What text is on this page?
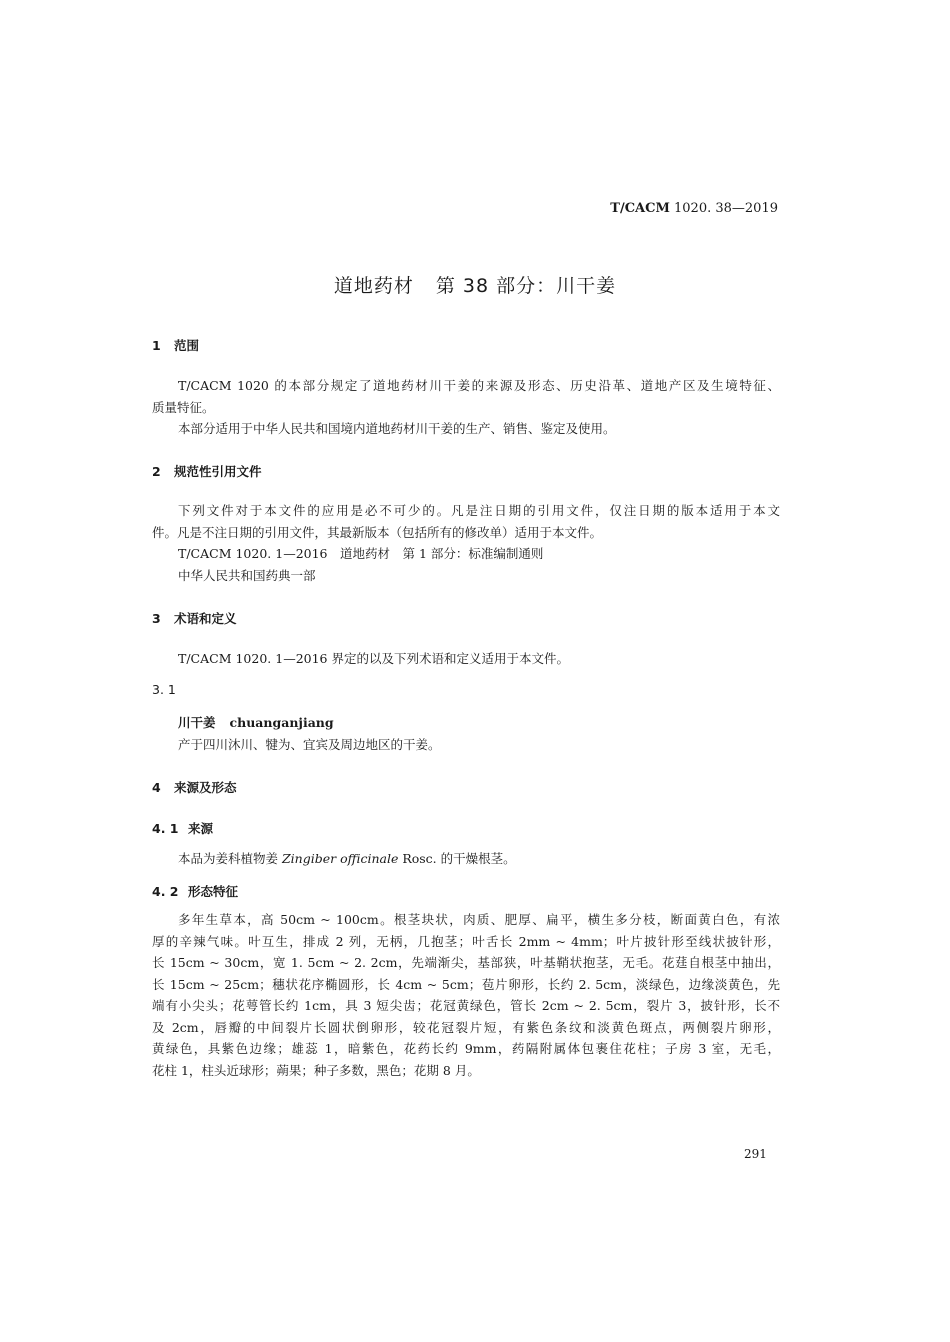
T/CACM 1020. 38—2019
道地药材 第 38 部分：川干姜
1 范围
T/CACM 1020 的本部分规定了道地药材川干姜的来源及形态、历史沿革、道地产区及生境特征、
质量特征。
本部分适用于中华人民共和国境内道地药材川干姜的生产、销售、鉴定及使用。
2 规范性引用文件
下列文件对于本文件的应用是必不可少的。凡是注日期的引用文件，仅注日期的版本适用于本文
件。凡是不注日期的引用文件，其最新版本（包括所有的修改单）适用于本文件。
T/CACM 1020. 1—2016　道地药材　第 1 部分：标准编制通则
中华人民共和国药典一部
3 术语和定义
T/CACM 1020. 1—2016 界定的以及下列术语和定义适用于本文件。
3. 1
川干姜 chuanganjiang
产于四川沐川、犍为、宜宾及周边地区的干姜。
4 来源及形态
4. 1 来源
本品为姜科植物姜 Zingiber officinale Rosc. 的干燥根茎。
4. 2 形态特征
多年生草本，高 50cm ~ 100cm。根茎块状，肉质、肥厚、扁平，横生多分枝，断面黄白色，有浓
厚的辛辣气味。叶互生，排成 2 列，无柄，几抱茎；叶舌长 2mm ~ 4mm；叶片披针形至线状披针形，
长 15cm ~ 30cm，宽 1. 5cm ~ 2. 2cm，先端渐尖，基部狭，叶基鞘状抱茎，无毛。花莛自根茎中抽出，
长 15cm ~ 25cm；穗状花序椭圆形，长 4cm ~ 5cm；苞片卵形，长约 2. 5cm，淡绿色，边缘淡黄色，先
端有小尖头；花萼管长约 1cm，具 3 短尖齿；花冠黄绿色，管长 2cm ~ 2. 5cm，裂片 3，披针形，长不
及 2cm，唇瓣的中间裂片长圆状倒卵形，较花冠裂片短，有紫色条纹和淡黄色斑点，两侧裂片卵形，
黄绿色，具紫色边缘；雄蕊 1，暗紫色，花药长约 9mm，药隔附属体包裹住花柱；子房 3 室，无毛，
花柱 1，柱头近球形；蒴果；种子多数，黑色；花期 8 月。
291
